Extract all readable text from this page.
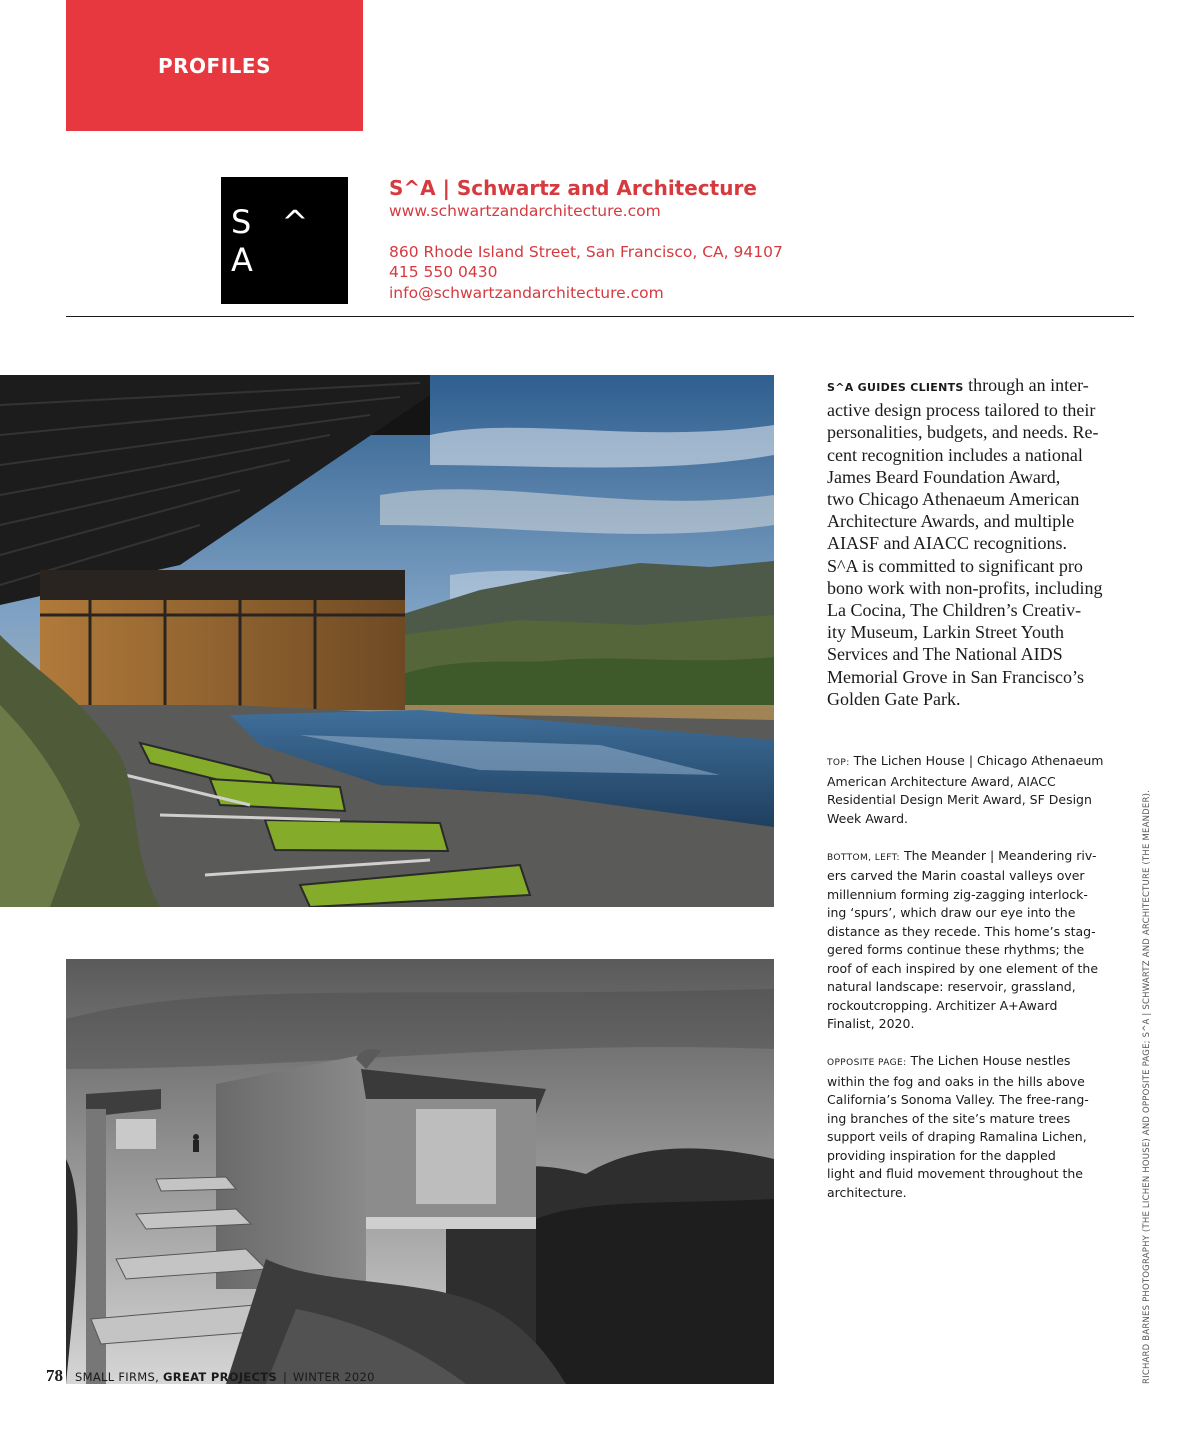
PROFILES
S ^ A
S^A | Schwartz and Architecture
www.schwartzandarchitecture.com
860 Rhode Island Street, San Francisco, CA, 94107
415 550 0430
info@schwartzandarchitecture.com
S^A GUIDES CLIENTS through an inter-
active design process tailored to their
personalities, budgets, and needs. Re-
cent recognition includes a national
James Beard Foundation Award,
two Chicago Athenaeum American
Architecture Awards, and multiple
AIASF and AIACC recognitions.
S^A is committed to significant pro
bono work with non-profits, including
La Cocina, The Children’s Creativ-
ity Museum, Larkin Street Youth
Services and The National AIDS
Memorial Grove in San Francisco’s
Golden Gate Park.
TOP: The Lichen House | Chicago Athenaeum
American Architecture Award, AIACC
Residential Design Merit Award, SF Design
Week Award.
BOTTOM, LEFT: The Meander | Meandering riv-
ers carved the Marin coastal valleys over
millennium forming zig-zagging interlock-
ing ‘spurs’, which draw our eye into the
distance as they recede. This home’s stag-
gered forms continue these rhythms; the
roof of each inspired by one element of the
natural landscape: reservoir, grassland,
rockoutcropping. Architizer A+Award
Finalist, 2020.
OPPOSITE PAGE: The Lichen House nestles
within the fog and oaks in the hills above
California’s Sonoma Valley. The free-rang-
ing branches of the site’s mature trees
support veils of draping Ramalina Lichen,
providing inspiration for the dappled
light and fluid movement throughout the
architecture.	RICHARD BARNES PHOTOGRAPHY (THE LICHEN HOUSE) AND OPPOSITE PAGE; S^A | SCHWARTZ AND ARCHITECTURE (THE MEANDER).
78 SMALL FIRMS, GREAT PROJECTS | WINTER 2020
